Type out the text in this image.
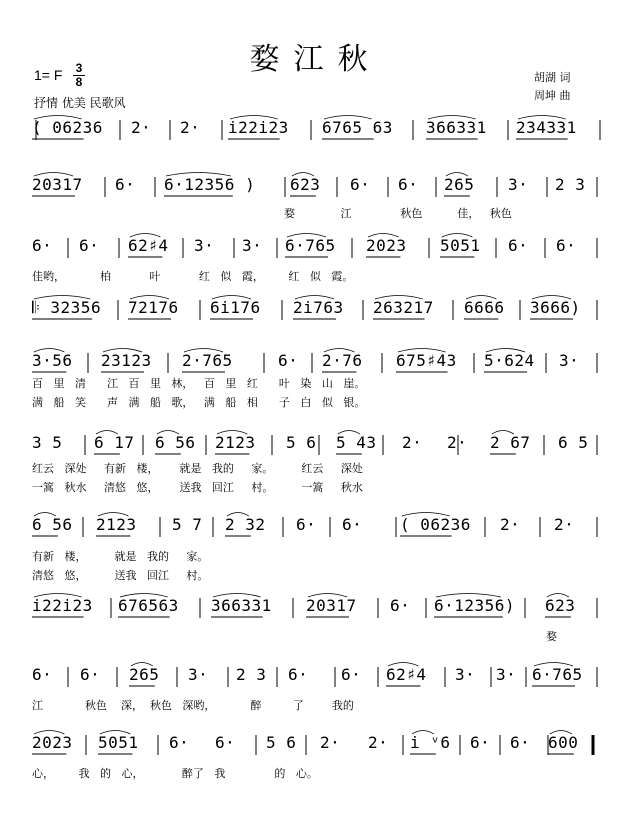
婺江秋
1= F 3
8
抒情 优美 民歌风
胡湖 词
周坤 曲
( 06236 2· 2· i22i23 6765 63 366331 234331
20317 6· 6·12356 ) 623 6· 6· 265 3· 2 3
婺             江              秋色          佳，   秋色
6· 6· 62♯4 3· 3· 6·765 2023 5051 6· 6·
佳哟，          柏           叶           红   似   霞，       红   似   霞。
𝄆 32356 72176 6i176 2i763 263217 6666 3666)
3·56 23123 2·765	6· 2·76 675♯43 5·624 3·
百   里   清      江   百   里   林，   百   里   红      叶   染   山   崖。
满   船   笑      声   满   船   歌，   满   船   相      子   白   似   银。
3 5 6 17 6 56 2123 5 6 5 43 2· 2· 2 67 6 5
红云   深处     有新   楼，      就是   我的     家。        红云     深处
一篙   秋水     清悠   悠，      送我   回江     村。        一篙     秋水
6 56 2123 5 7 2 32 6· 6· ( 06236 2· 2·
有新   楼，        就是   我的     家。
清悠   悠，        送我   回江     村。
i22i23 676563 366331 20317 6· 6·12356) 623
婺
6· 6· 265 3· 2 3 6· 6· 62♯4 3· 3· 6·765
江            秋色    深，  秋色   深哟，          醉         了        我的
2023 5051 6· 6· 5 6 2· 2· i ᵛ6 6· 6· 600
心，       我   的   心，           醉了   我              的   心。
